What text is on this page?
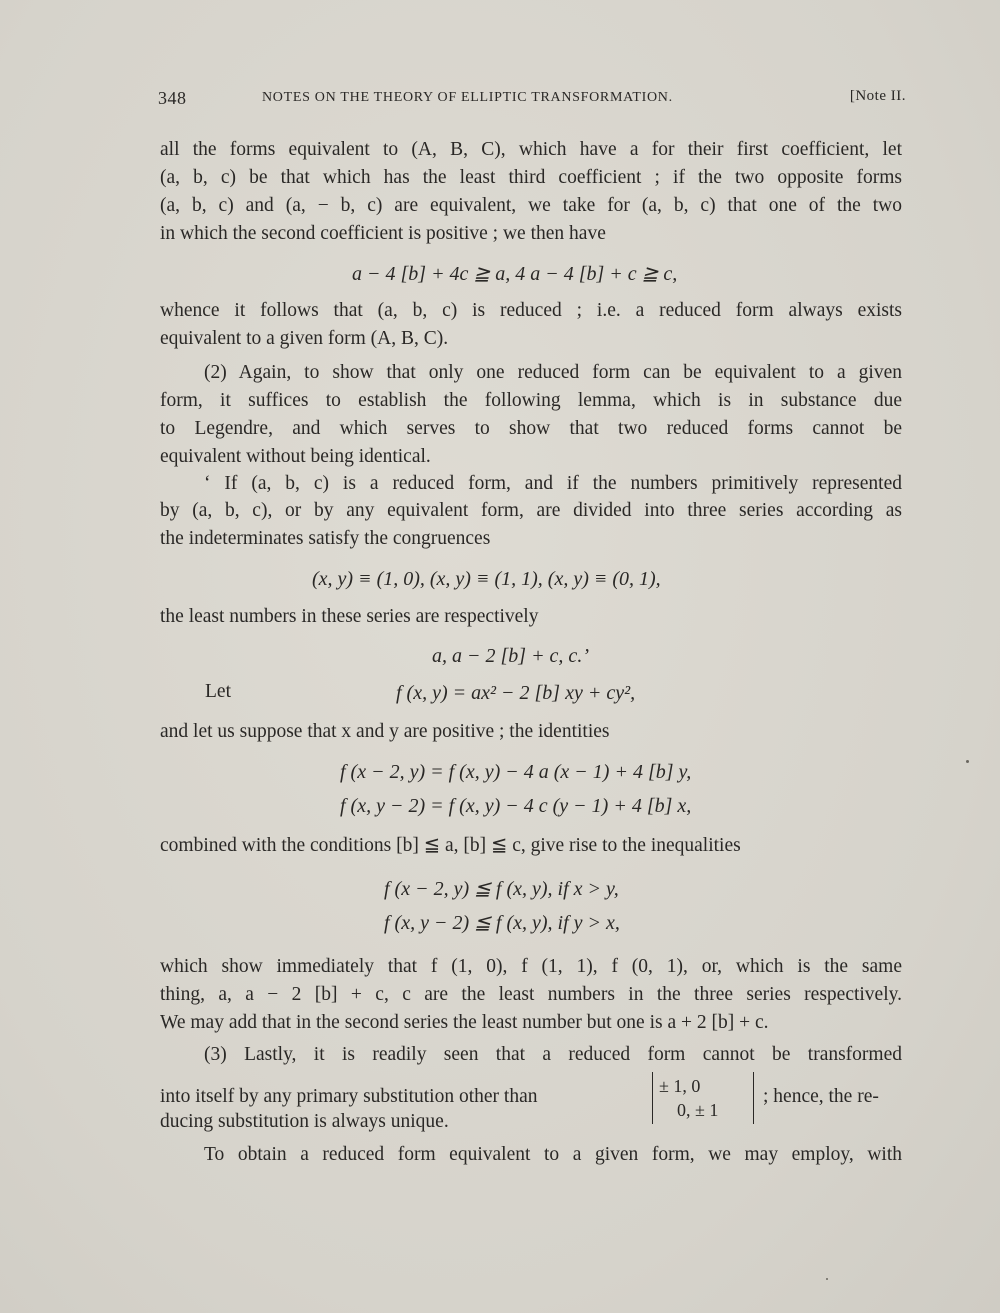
348	NOTES ON THE THEORY OF ELLIPTIC TRANSFORMATION.	[Note II.
all the forms equivalent to (A, B, C), which have a for their first coefficient, let
(a, b, c) be that which has the least third coefficient ; if the two opposite forms
(a, b, c) and (a, − b, c) are equivalent, we take for (a, b, c) that one of the two
in which the second coefficient is positive ; we then have
a − 4 [b] + 4c ≧ a, 4 a − 4 [b] + c ≧ c,
whence it follows that (a, b, c) is reduced ; i.e. a reduced form always exists
equivalent to a given form (A, B, C).
(2) Again, to show that only one reduced form can be equivalent to a given
form, it suffices to establish the following lemma, which is in substance due
to Legendre, and which serves to show that two reduced forms cannot be
equivalent without being identical.
‘ If (a, b, c) is a reduced form, and if the numbers primitively represented
by (a, b, c), or by any equivalent form, are divided into three series according as
the indeterminates satisfy the congruences
(x, y) ≡ (1, 0), (x, y) ≡ (1, 1), (x, y) ≡ (0, 1),
the least numbers in these series are respectively
a, a − 2 [b] + c, c.’
Let	f (x, y) = ax² − 2 [b] xy + cy²,
and let us suppose that x and y are positive ; the identities
f (x − 2, y) = f (x, y) − 4 a (x − 1) + 4 [b] y,
f (x, y − 2) = f (x, y) − 4 c (y − 1) + 4 [b] x,
combined with the conditions [b] ≦ a, [b] ≦ c, give rise to the inequalities
f (x − 2, y) ≦ f (x, y), if x > y,
f (x, y − 2) ≦ f (x, y), if y > x,
which show immediately that f (1, 0), f (1, 1), f (0, 1), or, which is the same
thing, a, a − 2 [b] + c, c are the least numbers in the three series respectively.
We may add that in the second series the least number but one is a + 2 [b] + c.
(3) Lastly, it is readily seen that a reduced form cannot be transformed
into itself by any primary substitution other than	± 1, 0
0, ± 1
; hence, the re-
ducing substitution is always unique.
To obtain a reduced form equivalent to a given form, we may employ, with
